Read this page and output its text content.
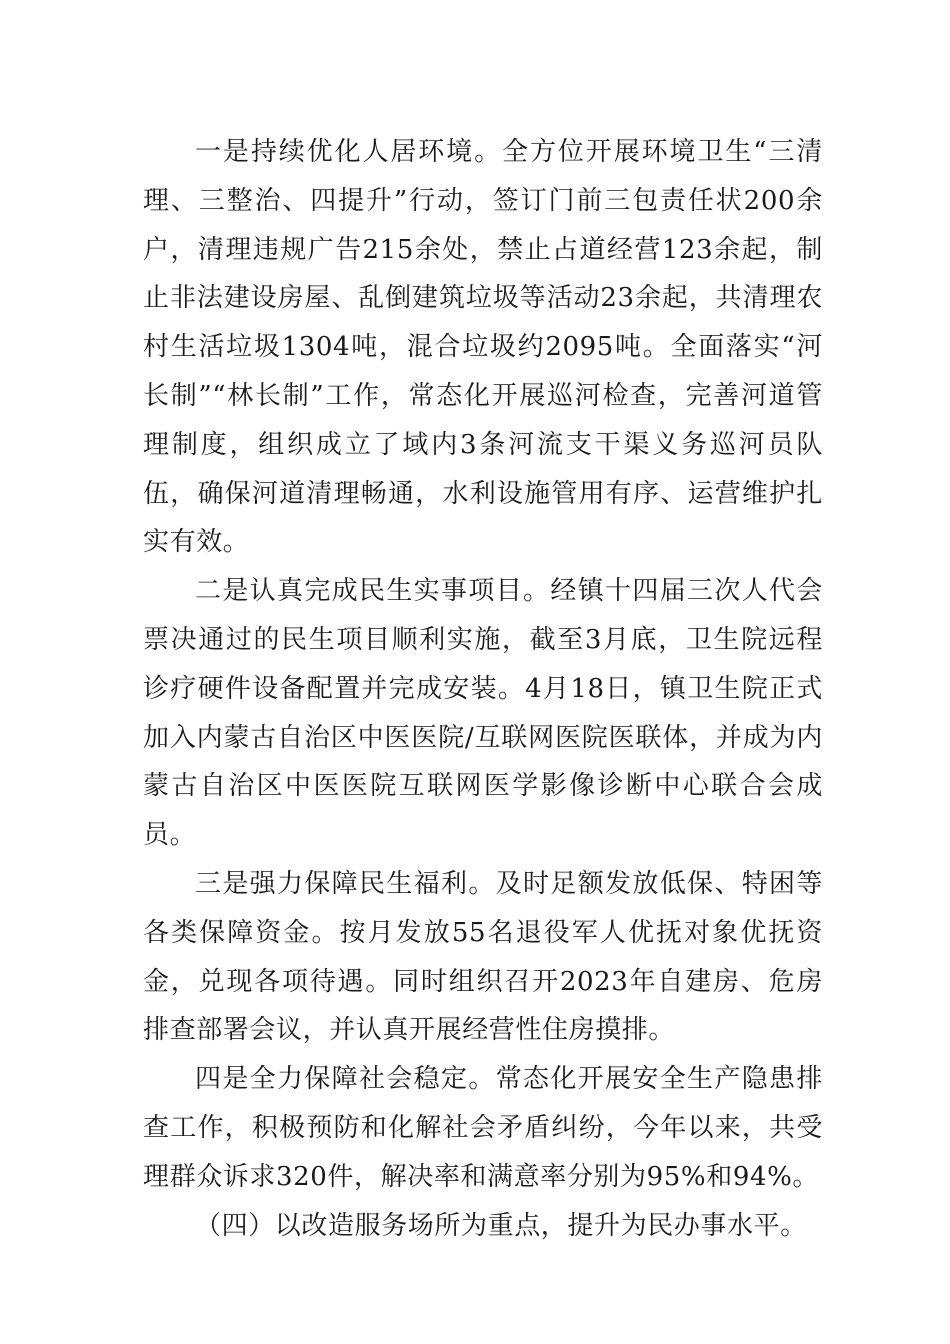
一是持续优化人居环境。全方位开展环境卫生“三清理、三整治、四提升”行动，签订门前三包责任状200余户，清理违规广告215余处，禁止占道经营123余起，制止非法建设房屋、乱倒建筑垃圾等活动23余起，共清理农村生活垃圾1304吨，混合垃圾约2095吨。全面落实“河长制”“林长制”工作，常态化开展巡河检查，完善河道管理制度，组织成立了域内3条河流支干渠义务巡河员队伍，确保河道清理畅通，水利设施管用有序、运营维护扎实有效。

二是认真完成民生实事项目。经镇十四届三次人代会票决通过的民生项目顺利实施，截至3月底，卫生院远程诊疗硬件设备配置并完成安装。4月18日，镇卫生院正式加入内蒙古自治区中医医院/互联网医院医联体，并成为内蒙古自治区中医医院互联网医学影像诊断中心联合会成员。

三是强力保障民生福利。及时足额发放低保、特困等各类保障资金。按月发放55名退役军人优抚对象优抚资金，兑现各项待遇。同时组织召开2023年自建房、危房排查部署会议，并认真开展经营性住房摸排。

四是全力保障社会稳定。常态化开展安全生产隐患排查工作，积极预防和化解社会矛盾纠纷，今年以来，共受理群众诉求320件，解决率和满意率分别为95%和94%。

（四）以改造服务场所为重点，提升为民办事水平。
